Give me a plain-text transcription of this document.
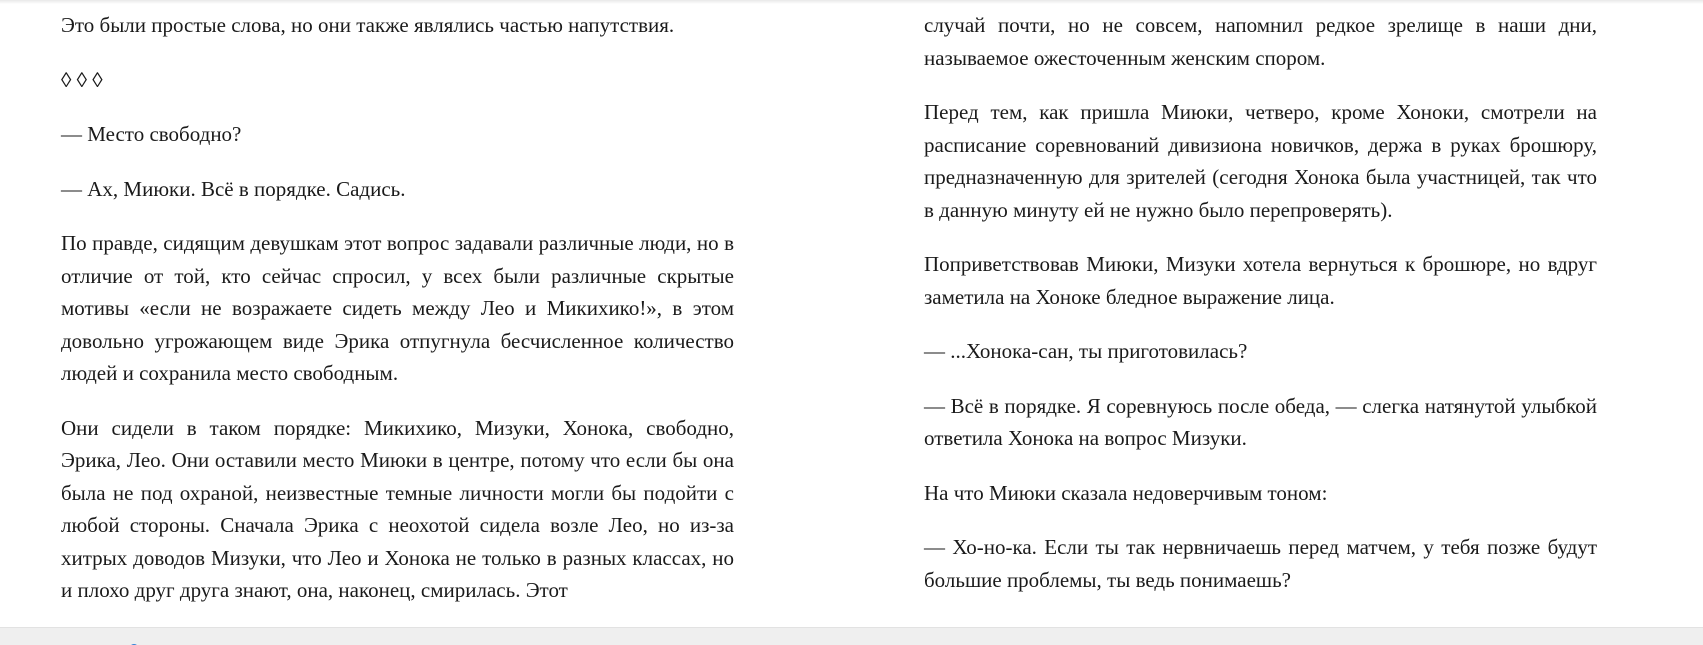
Это были простые слова, но они также являлись частью напутствия.

◊ ◊ ◊

— Место свободно?

— Ах, Миюки. Всё в порядке. Садись.

По правде, сидящим девушкам этот вопрос задавали различные люди, но в отличие от той, кто сейчас спросил, у всех были различные скрытые мотивы «если не возражаете сидеть между Лео и Микихико!», в этом довольно угрожающем виде Эрика отпугнула бесчисленное количество людей и сохранила место свободным.

Они сидели в таком порядке: Микихико, Мизуки, Хонока, свободно, Эрика, Лео. Они оставили место Миюки в центре, потому что если бы она была не под охраной, неизвестные темные личности могли бы подойти с любой стороны. Сначала Эрика с неохотой сидела возле Лео, но из-за хитрых доводов Мизуки, что Лео и Хонока не только в разных классах, но и плохо друг друга знают, она, наконец, смирилась. Этот

случай почти, но не совсем, напомнил редкое зрелище в наши дни, называемое ожесточенным женским спором.

Перед тем, как пришла Миюки, четверо, кроме Хоноки, смотрели на расписание соревнований дивизиона новичков, держа в руках брошюру, предназначенную для зрителей (сегодня Хонока была участницей, так что в данную минуту ей не нужно было перепроверять).

Поприветствовав Миюки, Мизуки хотела вернуться к брошюре, но вдруг заметила на Хоноке бледное выражение лица.

— ...Хонока-сан, ты приготовилась?

— Всё в порядке. Я соревнуюсь после обеда, — слегка натянутой улыбкой ответила Хонока на вопрос Мизуки.

На что Миюки сказала недоверчивым тоном:

— Хо-но-ка. Если ты так нервничаешь перед матчем, у тебя позже будут большие проблемы, ты ведь понимаешь?
